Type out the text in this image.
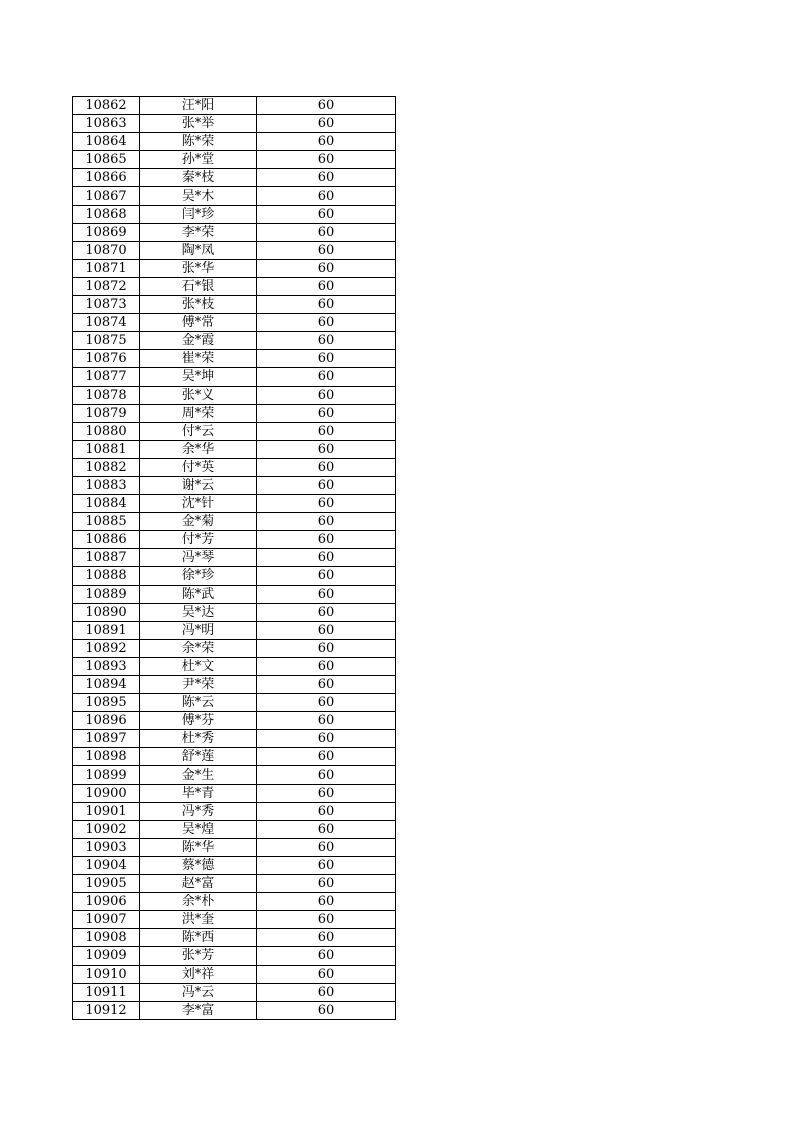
10862	汪*阳	60
10863	张*举	60
10864	陈*荣	60
10865	孙*堂	60
10866	秦*枝	60
10867	吴*木	60
10868	闫*珍	60
10869	李*荣	60
10870	陶*凤	60
10871	张*华	60
10872	石*银	60
10873	张*枝	60
10874	傅*常	60
10875	金*霞	60
10876	崔*荣	60
10877	吴*坤	60
10878	张*义	60
10879	周*荣	60
10880	付*云	60
10881	余*华	60
10882	付*英	60
10883	谢*云	60
10884	沈*针	60
10885	金*菊	60
10886	付*芳	60
10887	冯*琴	60
10888	徐*珍	60
10889	陈*武	60
10890	吴*达	60
10891	冯*明	60
10892	余*荣	60
10893	杜*文	60
10894	尹*荣	60
10895	陈*云	60
10896	傅*芬	60
10897	杜*秀	60
10898	舒*莲	60
10899	金*生	60
10900	毕*青	60
10901	冯*秀	60
10902	吴*煌	60
10903	陈*华	60
10904	蔡*德	60
10905	赵*富	60
10906	余*朴	60
10907	洪*奎	60
10908	陈*西	60
10909	张*芳	60
10910	刘*祥	60
10911	冯*云	60
10912	李*富	60
